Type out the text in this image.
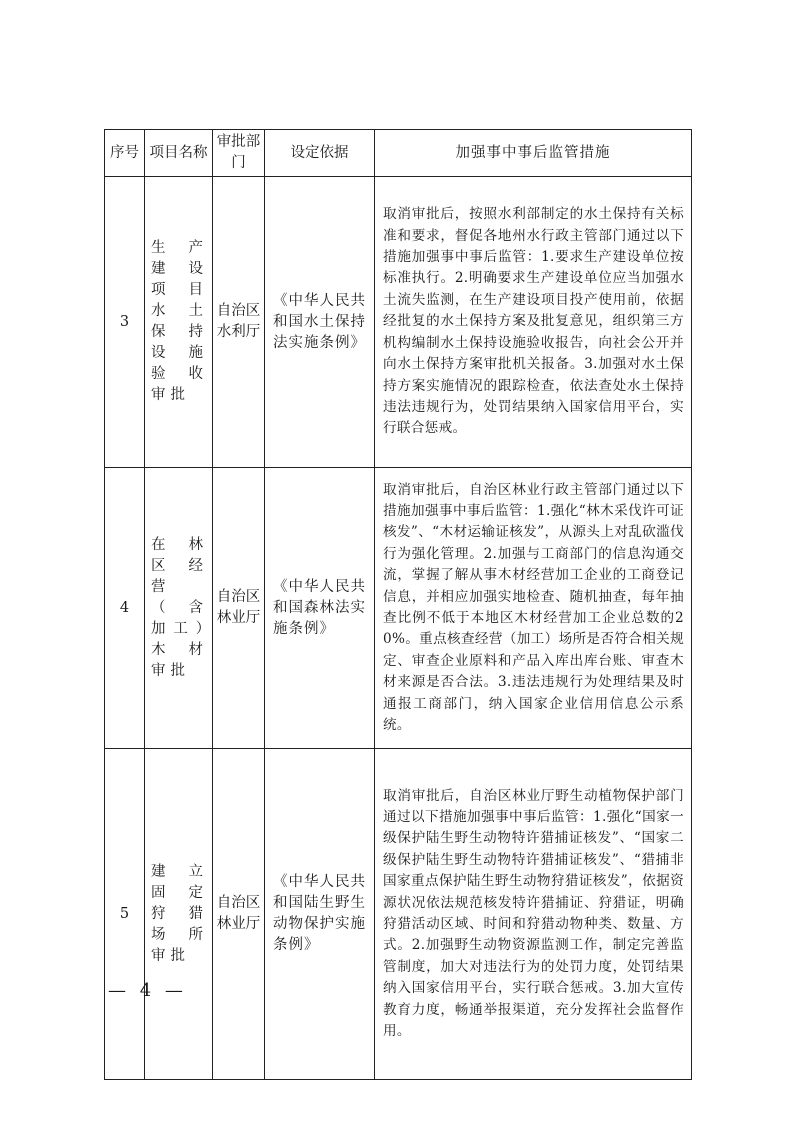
序号	项目名称	审批部门	设定依据	加强事中事后监管措施
3	生产建设项目水土保持设施验收审批	自治区水利厅	《中华人民共和国水土保持法实施条例》	取消审批后，按照水利部制定的水土保持有关标准和要求，督促各地州水行政主管部门通过以下措施加强事中事后监管：1.要求生产建设单位按标准执行。2.明确要求生产建设单位应当加强水土流失监测，在生产建设项目投产使用前，依据经批复的水土保持方案及批复意见，组织第三方机构编制水土保持设施验收报告，向社会公开并向水土保持方案审批机关报备。3.加强对水土保持方案实施情况的跟踪检查，依法查处水土保持违法违规行为，处罚结果纳入国家信用平台，实行联合惩戒。
4	在林区经营（含加工）木材审批	自治区林业厅	《中华人民共和国森林法实施条例》	取消审批后，自治区林业行政主管部门通过以下措施加强事中事后监管：1.强化“林木采伐许可证核发”、“木材运输证核发”，从源头上对乱砍滥伐行为强化管理。2.加强与工商部门的信息沟通交流，掌握了解从事木材经营加工企业的工商登记信息，并相应加强实地检查、随机抽查，每年抽查比例不低于本地区木材经营加工企业总数的20%。重点核查经营（加工）场所是否符合相关规定、审查企业原料和产品入库出库台账、审查木材来源是否合法。3.违法违规行为处理结果及时通报工商部门，纳入国家企业信用信息公示系统。
5	建立固定狩猎场所审批	自治区林业厅	《中华人民共和国陆生野生动物保护实施条例》	取消审批后，自治区林业厅野生动植物保护部门通过以下措施加强事中事后监管：1.强化“国家一级保护陆生野生动物特许猎捕证核发”、“国家二级保护陆生野生动物特许猎捕证核发”、“猎捕非国家重点保护陆生野生动物狩猎证核发”，依据资源状况依法规范核发特许猎捕证、狩猎证，明确狩猎活动区域、时间和狩猎动物种类、数量、方式。2.加强野生动物资源监测工作，制定完善监管制度，加大对违法行为的处罚力度，处罚结果纳入国家信用平台，实行联合惩戒。3.加大宣传教育力度，畅通举报渠道，充分发挥社会监督作用。
— 4 —
